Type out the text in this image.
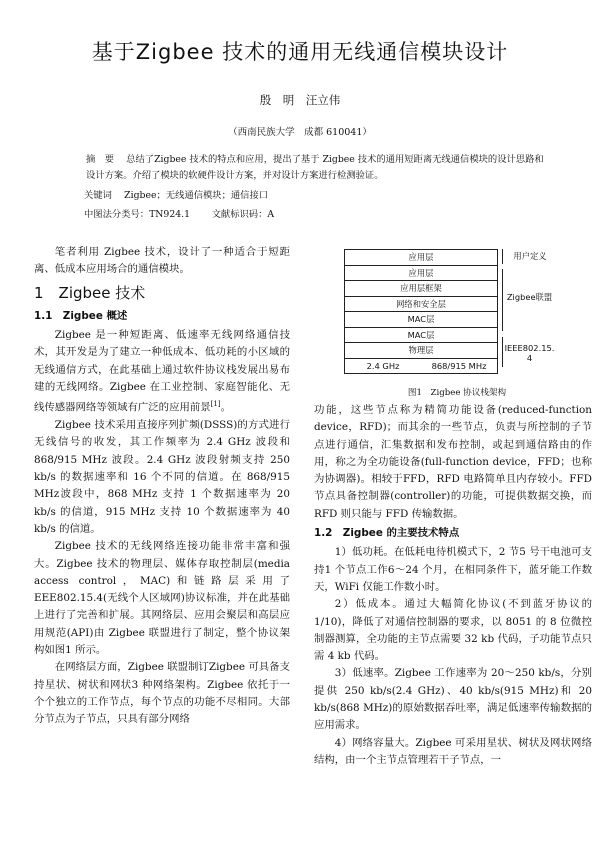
基于Zigbee 技术的通用无线通信模块设计
殷　明　汪立伟
（西南民族大学　成都 610041）
摘　要　 总结了Zigbee 技术的特点和应用，提出了基于 Zigbee 技术的通用短距离无线通信模块的设计思路和设计方案。介绍了模块的软硬件设计方案，并对设计方案进行检测验证。
关键词　 Zigbee；无线通信模块；通信接口
中图法分类号：TN924.1　　 文献标识码：A

笔者利用 Zigbee 技术，设计了一种适合于短距离、低成本应用场合的通信模块。

1　Zigbee 技术
1.1　Zigbee 概述

Zigbee 是一种短距离、低速率无线网络通信技术，其开发是为了建立一种低成本、低功耗的小区域的无线通信方式，在此基础上通过软件协议栈发展出易布建的无线网络。Zigbee 在工业控制、家庭智能化、无线传感器网络等领域有广泛的应用前景[1]。

Zigbee 技术采用直接序列扩频(DSSS)的方式进行无线信号的收发，其工作频率为 2.4 GHz 波段和868/915 MHz 波段。2.4 GHz 波段射频支持 250 kb/s 的数据速率和 16 个不同的信道。在 868/915 MHz波段中，868 MHz 支持 1 个数据速率为 20 kb/s 的信道，915 MHz 支持 10 个数据速率为 40 kb/s 的信道。

Zigbee 技术的无线网络连接功能非常丰富和强大。Zigbee 技术的物理层、媒体存取控制层(media access control，MAC)和链路层采用了EEE802.15.4(无线个人区域网)协议标准，并在此基础上进行了完善和扩展。其网络层、应用会聚层和高层应用规范(API)由 Zigbee 联盟进行了制定，整个协议架构如图1 所示。

在网络层方面，Zigbee 联盟制订Zigbee 可具备支持星状、树状和网状3 种网络架构。Zigbee 依托于一个个独立的工作节点，每个节点的功能不尽相同。大部分节点为子节点，只具有部分网络

应用层
应用层
应用层框架
网络和安全层
MAC层
MAC层
物理层
2.4 GHz	868/915 MHz
用户定义
Zigbee联盟
IEEE802.15.4
图1　Zigbee 协议栈架构

功能，这些节点称为精简功能设备(reduced-function device，RFD)；而其余的一些节点，负责与所控制的子节点进行通信，汇集数据和发布控制，或起到通信路由的作用，称之为全功能设备(full-function device，FFD；也称为协调器)。相较于FFD，RFD 电路简单且内存较小。FFD 节点具备控制器(controller)的功能，可提供数据交换，而 RFD 则只能与 FFD 传输数据。

1.2　Zigbee 的主要技术特点

1）低功耗。在低耗电待机模式下，2 节5 号干电池可支持1 个节点工作6～24 个月，在相同条件下，蓝牙能工作数天，WiFi 仅能工作数小时。

2）低成本。通过大幅简化协议(不到蓝牙协议的 1/10)，降低了对通信控制器的要求，以 8051 的 8 位微控制器测算，全功能的主节点需要 32 kb 代码，子功能节点只需 4 kb 代码。

3）低速率。Zigbee 工作速率为 20～250 kb/s，分别提供 250 kb/s(2.4 GHz)、40 kb/s(915 MHz)和 20 kb/s(868 MHz)的原始数据吞吐率，满足低速率传输数据的应用需求。

4）网络容量大。Zigbee 可采用星状、树状及网状网络结构，由一个主节点管理若干子节点，一
